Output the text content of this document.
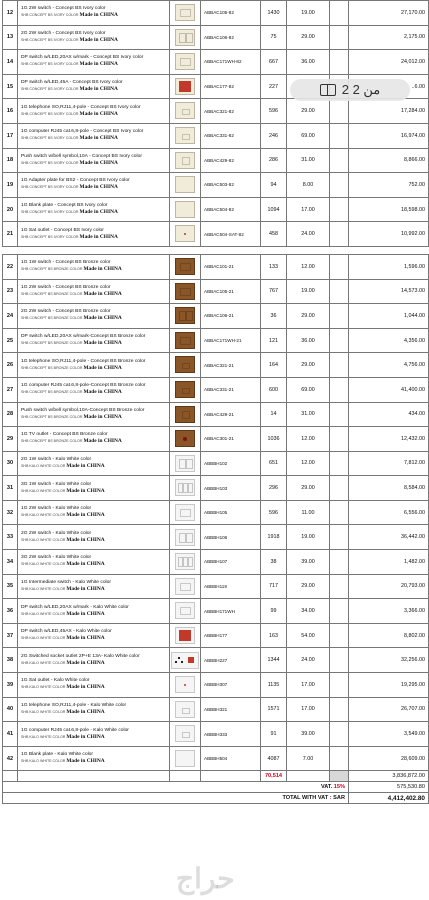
12	1G 2W switch - Concept BS Ivory color
SHB CONCEPT BS IVORY COLOR Made in CHINA		ABBAC105-82	1430	19.00		27,170.00
13	2G 2W switch - Concept BS Ivory color
SHB CONCEPT BS IVORY COLOR Made in CHINA		ABBAC106-82	75	29.00		2,175.00
14	DP switch w/LED,20AX w/mark - Concept BS Ivory color
SHB CONCEPT BS IVORY COLOR Made in CHINA		ABBAC171WH-82	667	36.00		24,012.00
15	DP switch w/LED,45A - Concept BS Ivory color
SHB CONCEPT BS IVORY COLOR Made in CHINA		ABBAC177-82	227			..6.00
16	1G telephone SO,RJ11,4-pole - Concept BS Ivory color
SHB CONCEPT BS IVORY COLOR Made in CHINA		ABBAC321-82	596	29.00		17,284.00
17	1G computer RJ45 cat.6,8-pole - Concept BS Ivory color
SHB CONCEPT BS IVORY COLOR Made in CHINA		ABBAC331-82	246	69.00		16,974.00
18	Push switch w/bell symbol,10A - Concept BS Ivory color
SHB CONCEPT BS IVORY COLOR Made in CHINA		ABBAC429-82	286	31.00		8,866.00
19	1G Adapter plate for BS2 - Concept BS Ivory color
SHB CONCEPT BS IVORY COLOR Made in CHINA		ABBAC503-82	94	8.00		752.00
20	1G Blank plate - Concept BS Ivory color
SHB CONCEPT BS IVORY COLOR Made in CHINA		ABBAC504-82	1094	17.00		18,598.00
21	1G Sat outlet - Concept BS Ivory color
SHB CONCEPT BS IVORY COLOR Made in CHINA		ABBAC504-SAT-82	458	24.00		10,992.00
22	1G 1W switch - Concept BS Bronze color
SHB CONCEPT BS BRONZE COLOR Made in CHINA		ABBAC101-21	133	12.00		1,596.00
23	1G 2W switch - Concept BS Bronze color
SHB CONCEPT BS BRONZE COLOR Made in CHINA		ABBAC105-21	767	19.00		14,573.00
24	2G 2W switch - Concept BS Bronze color
SHB CONCEPT BS BRONZE COLOR Made in CHINA		ABBAC106-21	36	29.00		1,044.00
25	DP switch w/LED,20AX w/mark-Concept BS Bronze color
SHB CONCEPT BS BRONZE COLOR Made in CHINA		ABBAC171WH-21	121	36.00		4,356.00
26	1G telephone SO,RJ11,4-pole - Concept BS Bronze color
SHB CONCEPT BS BRONZE COLOR Made in CHINA		ABBAC321-21	164	29.00		4,756.00
27	1G computer RJ45 cat.6,8-pole-Concept BS Bronze color
SHB CONCEPT BS BRONZE COLOR Made in CHINA		ABBAC331-21	600	69.00		41,400.00
28	Push switch w/bell symbol,10A-Concept BS Bronze color
SHB CONCEPT BS BRONZE COLOR Made in CHINA		ABBAC429-21	14	31.00		434.00
29	1G TV outlet - Concept BS Bronze color
SHB CONCEPT BS BRONZE COLOR Made in CHINA		ABBAC301-21	1036	12.00		12,432.00
30	2G 1W switch - Kalo White color
SHB KALO WHITE COLOR Made in CHINA		ABBBH102	651	12.00		7,812.00
31	3G 1W switch - Kalo White color
SHB KALO WHITE COLOR Made in CHINA		ABBBH103	296	29.00		8,584.00
32	1G 2W switch - Kalo White color
SHB KALO WHITE COLOR Made in CHINA		ABBBH105	596	11.00		6,556.00
33	2G 2W switch - Kalo White color
SHB KALO WHITE COLOR Made in CHINA		ABBBH106	1918	19.00		36,442.00
34	3G 2W switch - Kalo White color
SHB KALO WHITE COLOR Made in CHINA		ABBBH107	38	39.00		1,482.00
35	1G Intermediate switch - Kalo White color
SHB KALO WHITE COLOR Made in CHINA		ABBBH119	717	29.00		20,793.00
36	DP switch w/LED,20AX w/mark - Kalo White color
SHB KALO WHITE COLOR Made in CHINA		ABBBH171WH	99	34.00		3,366.00
37	DP switch w/LED,45AX - Kalo White color
SHB KALO WHITE COLOR Made in CHINA		ABBBH177	163	54.00		8,802.00
38	2G Switched socket outlet 2P+E 13A- Kalo White color
SHB KALO WHITE COLOR Made in CHINA		ABBBH227	1344	24.00		32,256.00
39	1G Sat outlet - Kalo White color
SHB KALO WHITE COLOR Made in CHINA		ABBBH307	1135	17.00		19,295.00
40	1G telephone SO,RJ11,4-pole - Kalo White color
SHB KALO WHITE COLOR Made in CHINA		ABBBH321	1571	17.00		26,707.00
41	1G computer RJ45 cat.6,8-pole - Kalo White color
SHB KALO WHITE COLOR Made in CHINA		ABBBH333	91	39.00		3,549.00
42	1G Blank plate - Kalo White color
SHB KALO WHITE COLOR Made in CHINA		ABBBH504	4087	7.00		28,609.00
				70,514			3,836,872.00
VAT. 15%							575,530.80
TOTAL WITH VAT : SAR							4,412,402.80
2 من 2
حراج
